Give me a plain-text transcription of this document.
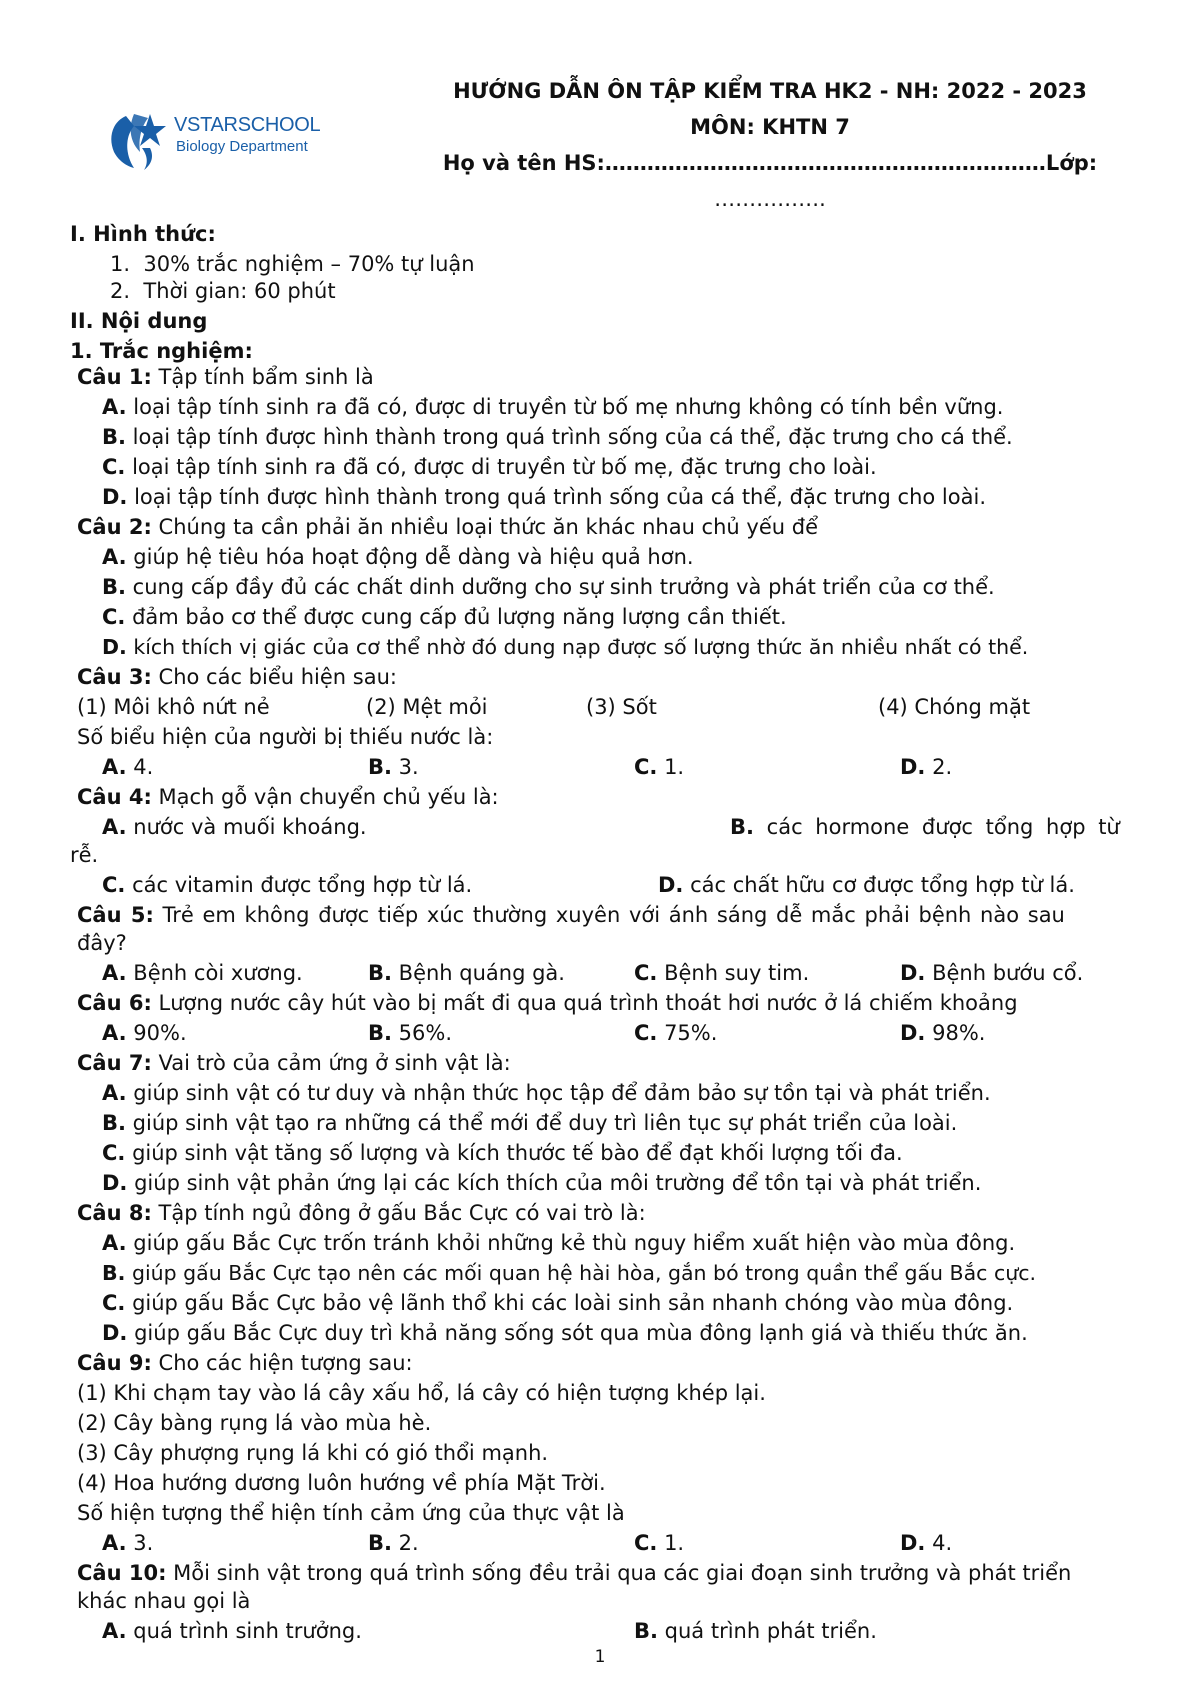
VSTARSCHOOL
Biology Department
HƯỚNG DẪN ÔN TẬP KIỂM TRA HK2 - NH: 2022 - 2023
MÔN: KHTN 7
Họ và tên HS:………………………………………………………Lớp:
…………….
I. Hình thức:
1.  30% trắc nghiệm – 70% tự luận
2.  Thời gian: 60 phút
II. Nội dung
1. Trắc nghiệm:
Câu 1: Tập tính bẩm sinh là
A. loại tập tính sinh ra đã có, được di truyền từ bố mẹ nhưng không có tính bền vững.
B. loại tập tính được hình thành trong quá trình sống của cá thể, đặc trưng cho cá thể.
C. loại tập tính sinh ra đã có, được di truyền từ bố mẹ, đặc trưng cho loài.
D. loại tập tính được hình thành trong quá trình sống của cá thể, đặc trưng cho loài.
Câu 2: Chúng ta cần phải ăn nhiều loại thức ăn khác nhau chủ yếu để
A. giúp hệ tiêu hóa hoạt động dễ dàng và hiệu quả hơn.
B. cung cấp đầy đủ các chất dinh dưỡng cho sự sinh trưởng và phát triển của cơ thể.
C. đảm bảo cơ thể được cung cấp đủ lượng năng lượng cần thiết.
D. kích thích vị giác của cơ thể nhờ đó dung nạp được số lượng thức ăn nhiều nhất có thể.
Câu 3: Cho các biểu hiện sau:
(1) Môi khô nứt nẻ	(2) Mệt mỏi	(3) Sốt	(4) Chóng mặt
Số biểu hiện của người bị thiếu nước là:
A. 4.	B. 3.	C. 1.	D. 2.
Câu 4: Mạch gỗ vận chuyển chủ yếu là:
A. nước và muối khoáng.	B. các hormone được tổng hợp từ
rễ.
C. các vitamin được tổng hợp từ lá.	D. các chất hữu cơ được tổng hợp từ lá.
Câu 5: Trẻ em không được tiếp xúc thường xuyên với ánh sáng dễ mắc phải bệnh nào sau
đây?
A. Bệnh còi xương.	B. Bệnh quáng gà.	C. Bệnh suy tim.	D. Bệnh bướu cổ.
Câu 6: Lượng nước cây hút vào bị mất đi qua quá trình thoát hơi nước ở lá chiếm khoảng
A. 90%.	B. 56%.	C. 75%.	D. 98%.
Câu 7: Vai trò của cảm ứng ở sinh vật là:
A. giúp sinh vật có tư duy và nhận thức học tập để đảm bảo sự tồn tại và phát triển.
B. giúp sinh vật tạo ra những cá thể mới để duy trì liên tục sự phát triển của loài.
C. giúp sinh vật tăng số lượng và kích thước tế bào để đạt khối lượng tối đa.
D. giúp sinh vật phản ứng lại các kích thích của môi trường để tồn tại và phát triển.
Câu 8: Tập tính ngủ đông ở gấu Bắc Cực có vai trò là:
A. giúp gấu Bắc Cực trốn tránh khỏi những kẻ thù nguy hiểm xuất hiện vào mùa đông.
B. giúp gấu Bắc Cực tạo nên các mối quan hệ hài hòa, gắn bó trong quần thể gấu Bắc cực.
C. giúp gấu Bắc Cực bảo vệ lãnh thổ khi các loài sinh sản nhanh chóng vào mùa đông.
D. giúp gấu Bắc Cực duy trì khả năng sống sót qua mùa đông lạnh giá và thiếu thức ăn.
Câu 9: Cho các hiện tượng sau:
(1) Khi chạm tay vào lá cây xấu hổ, lá cây có hiện tượng khép lại.
(2) Cây bàng rụng lá vào mùa hè.
(3) Cây phượng rụng lá khi có gió thổi mạnh.
(4) Hoa hướng dương luôn hướng về phía Mặt Trời.
Số hiện tượng thể hiện tính cảm ứng của thực vật là
A. 3.	B. 2.	C. 1.	D. 4.
Câu 10: Mỗi sinh vật trong quá trình sống đều trải qua các giai đoạn sinh trưởng và phát triển
khác nhau gọi là
A. quá trình sinh trưởng.	B. quá trình phát triển.
1
